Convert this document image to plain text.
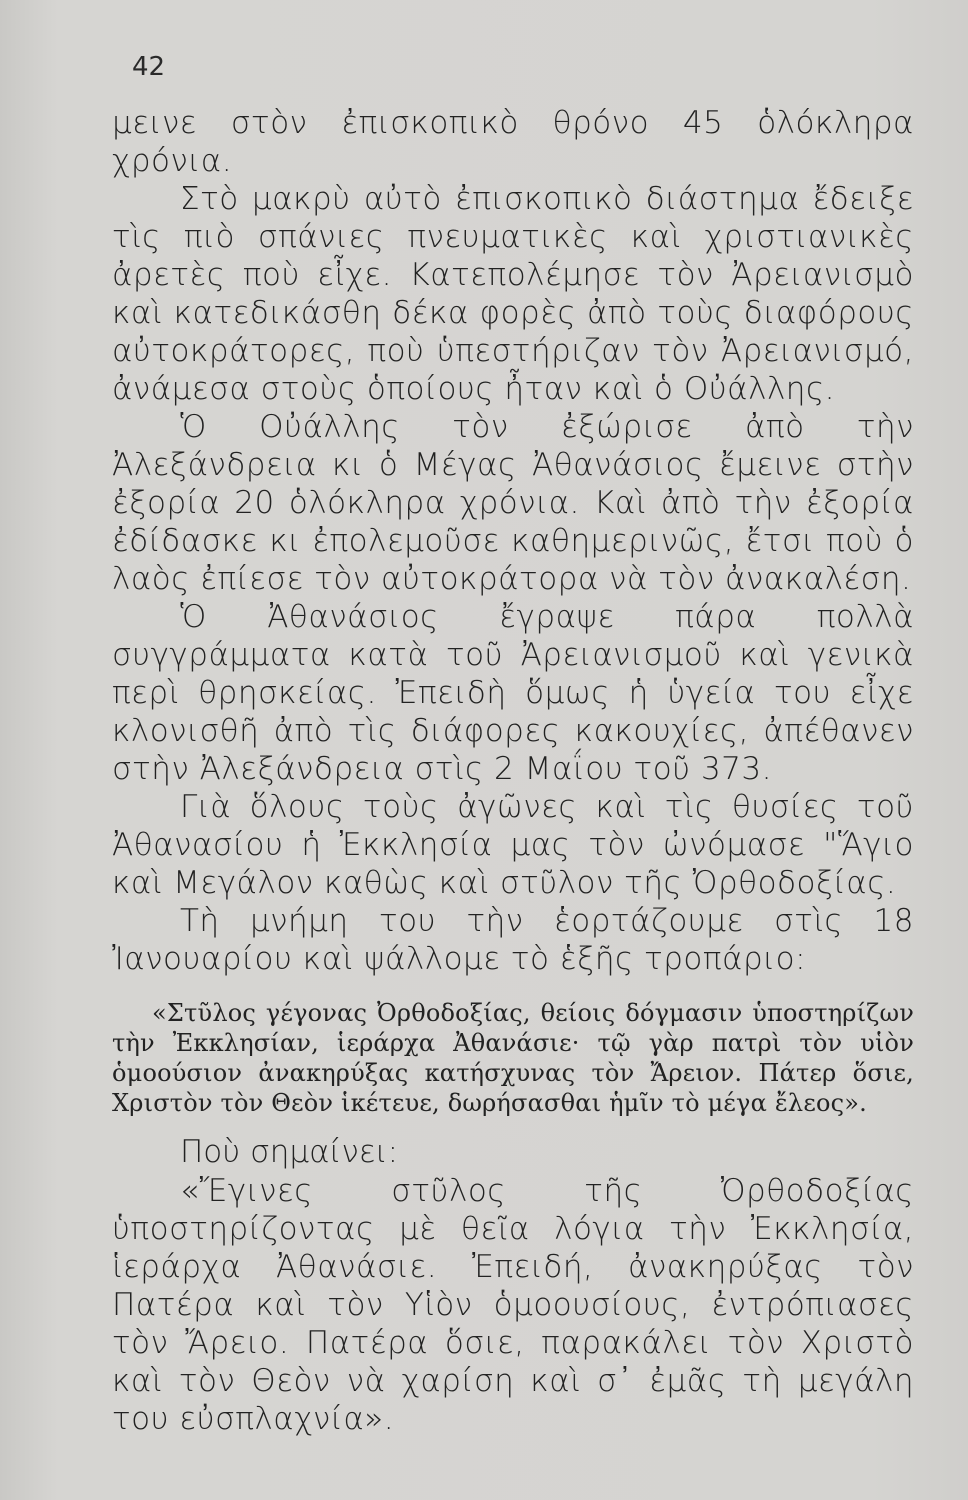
42

μεινε στὸν ἐπισκοπικὸ θρόνο 45 ὁλόκληρα χρόνια.

Στὸ μακρὺ αὐτὸ ἐπισκοπικὸ διάστημα ἔδειξε τὶς πιὸ σπάνιες πνευματικὲς καὶ χριστιανικὲς ἀρετὲς ποὺ εἶχε. Κατεπολέμησε τὸν Ἀρειανισμὸ καὶ κατεδικάσθη δέκα φορὲς ἀπὸ τοὺς διαφόρους αὐτοκράτορες, ποὺ ὑπεστήριζαν τὸν Ἀρειανισμό, ἀνάμεσα στοὺς ὁποίους ἦταν καὶ ὁ Οὐάλλης.

Ὁ Οὐάλλης τὸν ἐξώρισε ἀπὸ τὴν Ἀλεξάνδρεια κι ὁ Μέγας Ἀθανάσιος ἔμεινε στὴν ἐξορία 20 ὁλόκληρα χρόνια. Καὶ ἀπὸ τὴν ἐξορία ἐδίδασκε κι ἐπολεμοῦσε καθημερινῶς, ἔτσι ποὺ ὁ λαὸς ἐπίεσε τὸν αὐτοκράτορα νὰ τὸν ἀνακαλέση.

Ὁ Ἀθανάσιος ἔγραψε πάρα πολλὰ συγγράμματα κατὰ τοῦ Ἀρειανισμοῦ καὶ γενικὰ περὶ θρησκείας. Ἐπειδὴ ὅμως ἡ ὑγεία του εἶχε κλονισθῆ ἀπὸ τὶς διάφορες κακουχίες, ἀπέθανεν στὴν Ἀλεξάνδρεια στὶς 2 Μαΐου τοῦ 373.

Γιὰ ὅλους τοὺς ἀγῶνες καὶ τὶς θυσίες τοῦ Ἀθανασίου ἡ Ἐκκλησία μας τὸν ὠνόμασε "Ἅγιο καὶ Μεγάλον καθὼς καὶ στῦλον τῆς Ὀρθοδοξίας.

Τὴ μνήμη του τὴν ἑορτάζουμε στὶς 18 Ἰανουαρίου καὶ ψάλλομε τὸ ἑξῆς τροπάριο:

«Στῦλος γέγονας Ὀρθοδοξίας, θείοις δόγμασιν ὑποστηρίζων τὴν Ἐκκλησίαν, ἱεράρχα Ἀθανάσιε· τῷ γὰρ πατρὶ τὸν υἱὸν ὁμοούσιον ἀνακηρύξας κατήσχυνας τὸν Ἄρειον. Πάτερ ὅσιε, Χριστὸν τὸν Θεὸν ἱκέτευε, δωρήσασθαι ἡμῖν τὸ μέγα ἔλεος».

Ποὺ σημαίνει:

«Ἔγινες στῦλος τῆς Ὀρθοδοξίας ὑποστηρίζοντας μὲ θεῖα λόγια τὴν Ἐκκλησία, ἱεράρχα Ἀθανάσιε. Ἐπειδή, ἀνακηρύξας τὸν Πατέρα καὶ τὸν Υἱὸν ὁμοουσίους, ἐντρόπιασες τὸν Ἄρειο. Πατέρα ὅσιε, παρακάλει τὸν Χριστὸ καὶ τὸν Θεὸν νὰ χαρίση καὶ σ᾽ ἐμᾶς τὴ μεγάλη του εὐσπλαχνία».
